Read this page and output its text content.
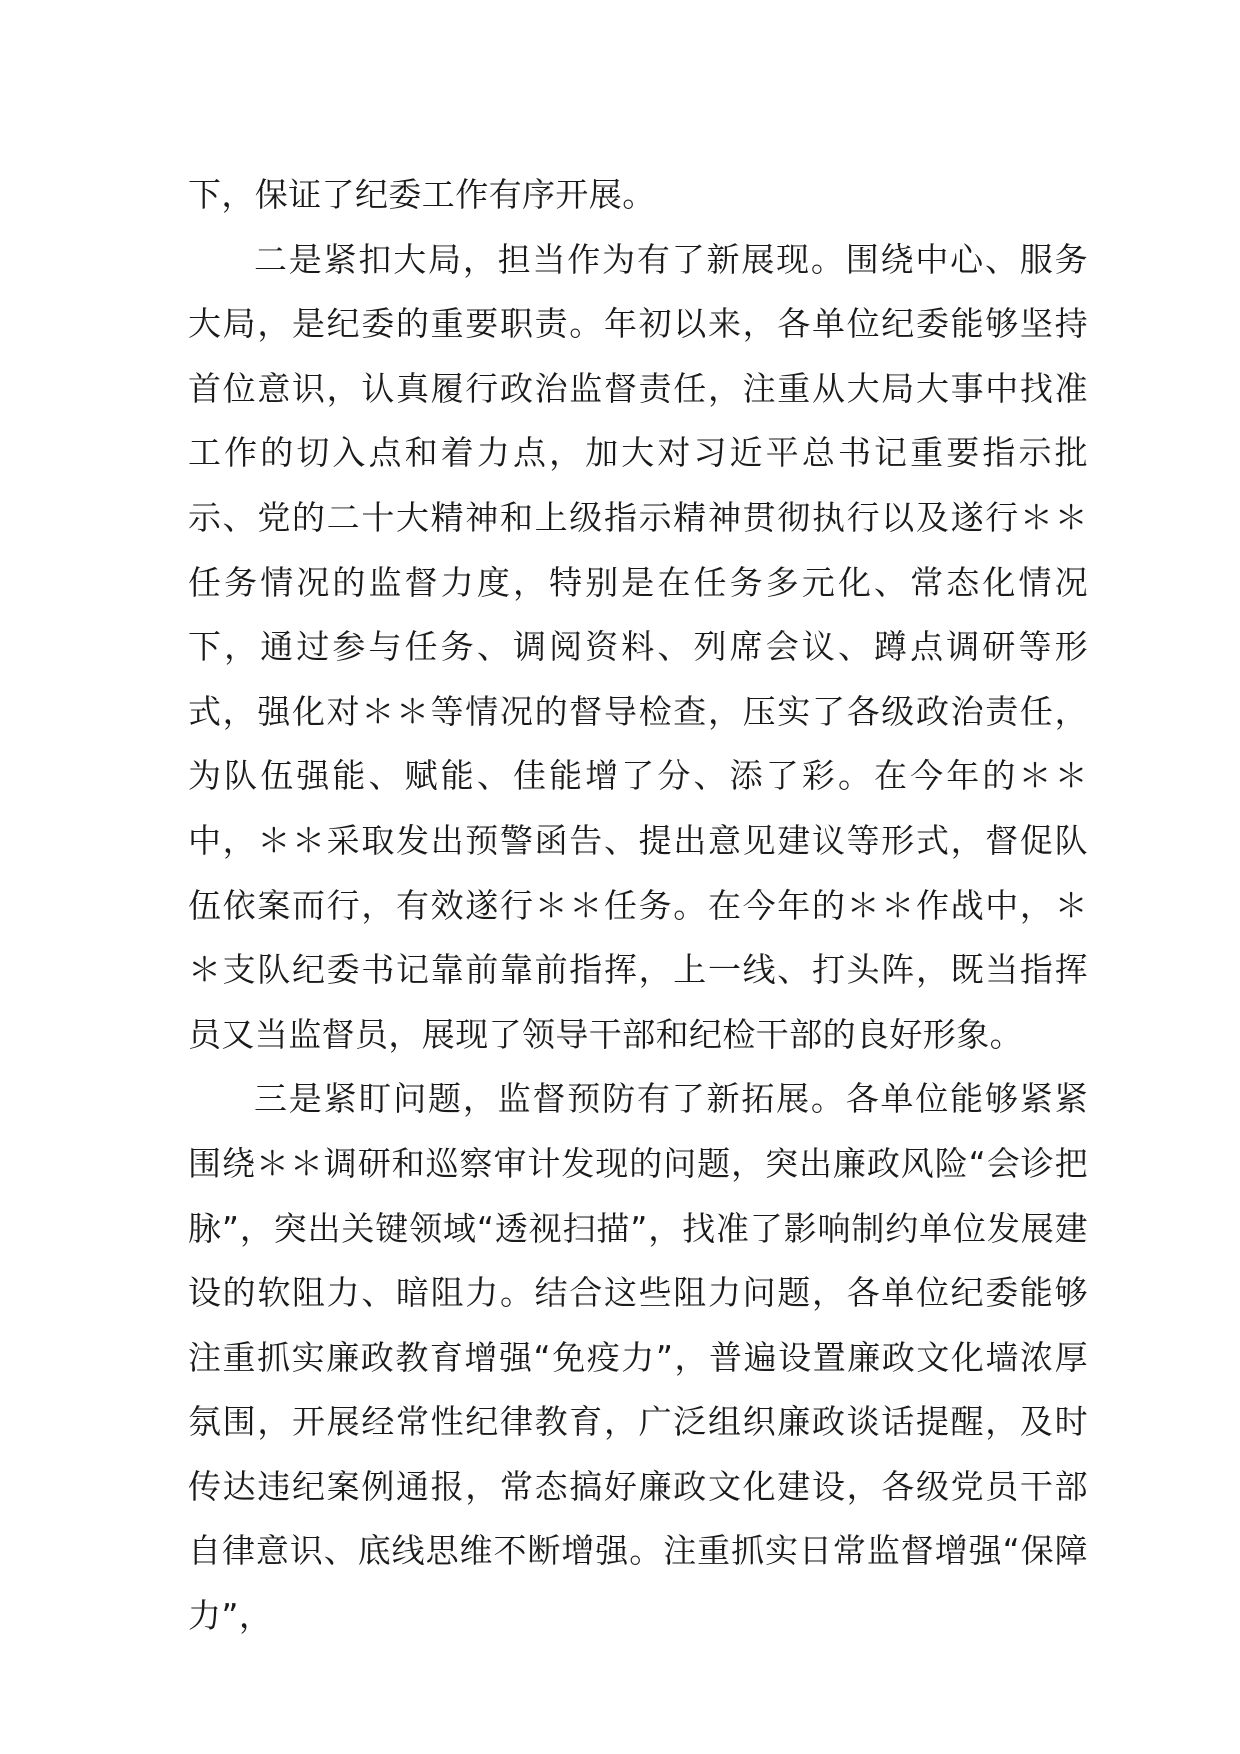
下，保证了纪委工作有序开展。

二是紧扣大局，担当作为有了新展现。围绕中心、服务大局，是纪委的重要职责。年初以来，各单位纪委能够坚持首位意识，认真履行政治监督责任，注重从大局大事中找准工作的切入点和着力点，加大对习近平总书记重要指示批示、党的二十大精神和上级指示精神贯彻执行以及遂行＊＊任务情况的监督力度，特别是在任务多元化、常态化情况下，通过参与任务、调阅资料、列席会议、蹲点调研等形式，强化对＊＊等情况的督导检查，压实了各级政治责任，为队伍强能、赋能、佳能增了分、添了彩。在今年的＊＊中，＊＊采取发出预警函告、提出意见建议等形式，督促队伍依案而行，有效遂行＊＊任务。在今年的＊＊作战中，＊＊支队纪委书记靠前靠前指挥，上一线、打头阵，既当指挥员又当监督员，展现了领导干部和纪检干部的良好形象。

三是紧盯问题，监督预防有了新拓展。各单位能够紧紧围绕＊＊调研和巡察审计发现的问题，突出廉政风险“会诊把脉”，突出关键领域“透视扫描”，找准了影响制约单位发展建设的软阻力、暗阻力。结合这些阻力问题，各单位纪委能够注重抓实廉政教育增强“免疫力”，普遍设置廉政文化墙浓厚氛围，开展经常性纪律教育，广泛组织廉政谈话提醒，及时传达违纪案例通报，常态搞好廉政文化建设，各级党员干部自律意识、底线思维不断增强。注重抓实日常监督增强“保障力”，
